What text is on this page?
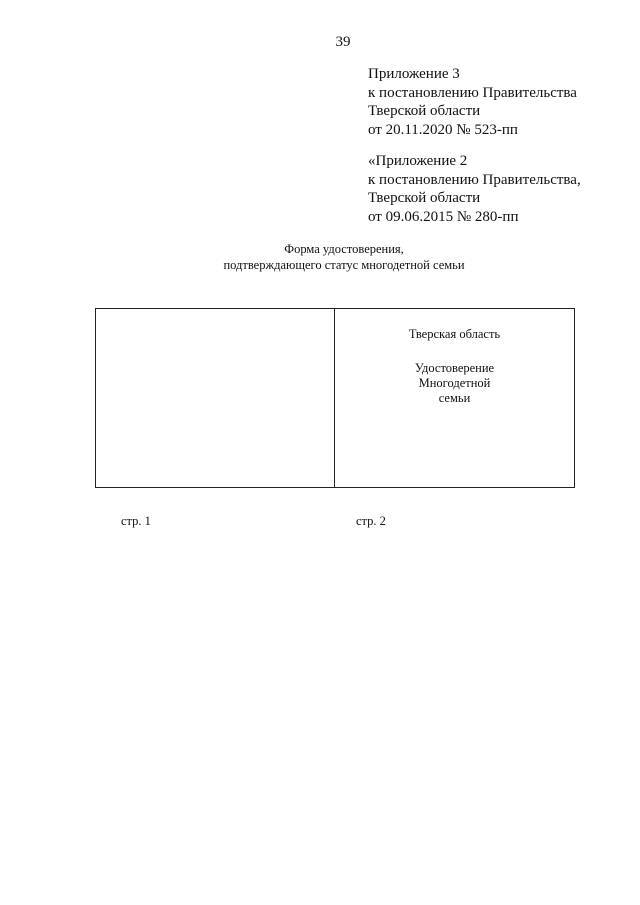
39
Приложение 3
к постановлению Правительства
Тверской области
от 20.11.2020 № 523-пп
«Приложение 2
к постановлению Правительства,
Тверской области
от 09.06.2015 № 280-пп
Форма удостоверения,
подтверждающего статус многодетной семьи
Тверская область
Удостоверение
Многодетной
семьи
стр. 1	стр. 2
